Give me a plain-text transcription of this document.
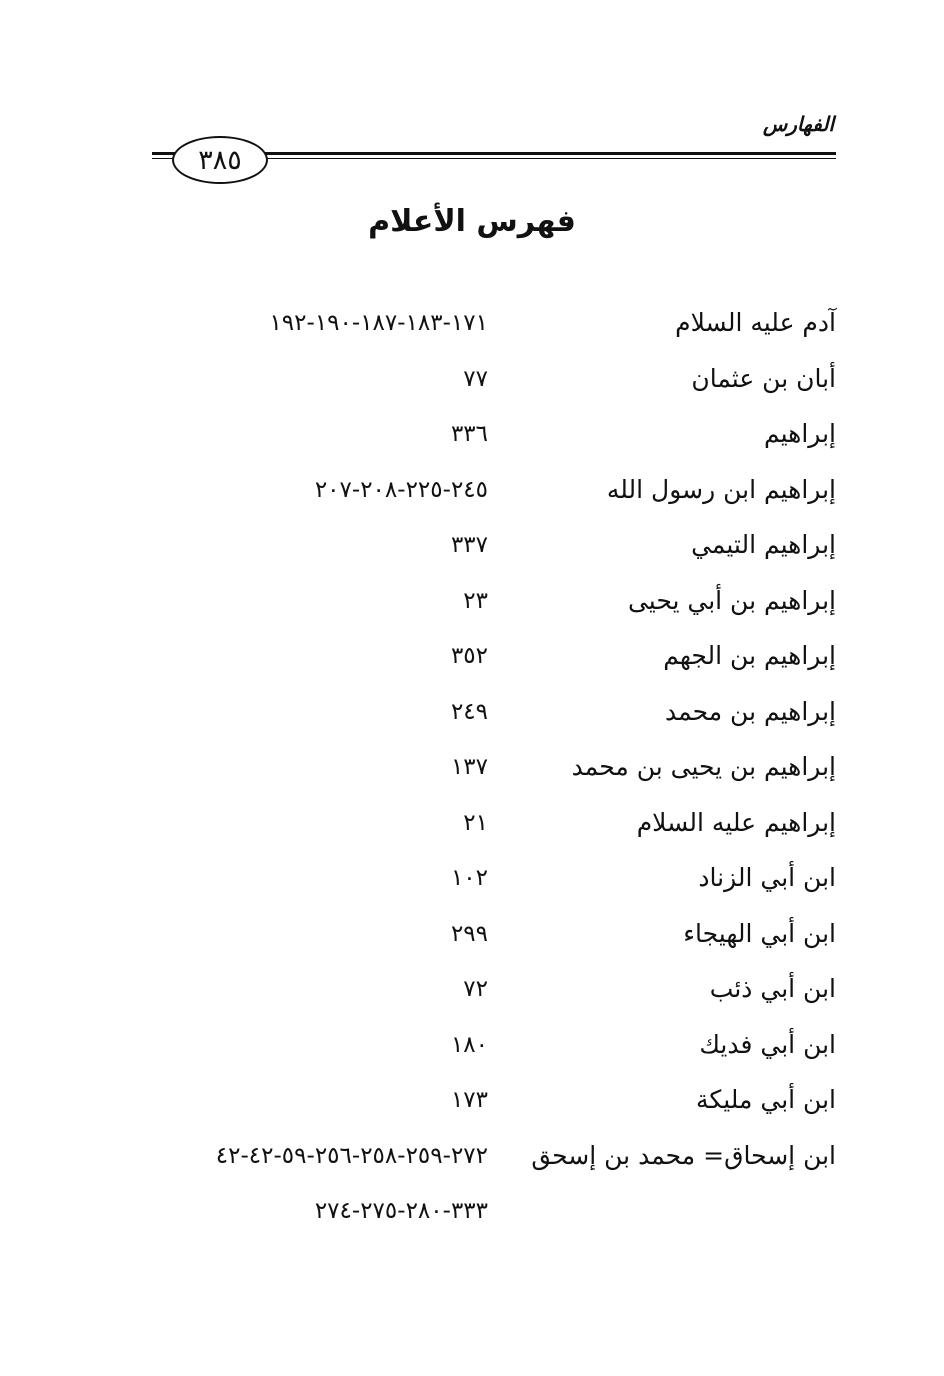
الفهارس
٣٨٥
فهرس الأعلام
آدم عليه السلام
١٧١-١٨٣-١٨٧-١٩٠-١٩٢
أبان بن عثمان
٧٧
إبراهيم
٣٣٦
إبراهيم ابن رسول الله
٢٤٥-٢٢٥-٢٠٨-٢٠٧
إبراهيم التيمي
٣٣٧
إبراهيم بن أبي يحيى
٢٣
إبراهيم بن الجهم
٣٥٢
إبراهيم بن محمد
٢٤٩
إبراهيم بن يحيى بن محمد
١٣٧
إبراهيم عليه السلام
٢١
ابن أبي الزناد
١٠٢
ابن أبي الهيجاء
٢٩٩
ابن أبي ذئب
٧٢
ابن أبي فديك
١٨٠
ابن أبي مليكة
١٧٣
ابن إسحاق= محمد بن إسحق
٢٧٢-٢٥٩-٢٥٨-٢٥٦-٥٩-٤٢-٤٢
٣٣٣-٢٨٠-٢٧٥-٢٧٤
